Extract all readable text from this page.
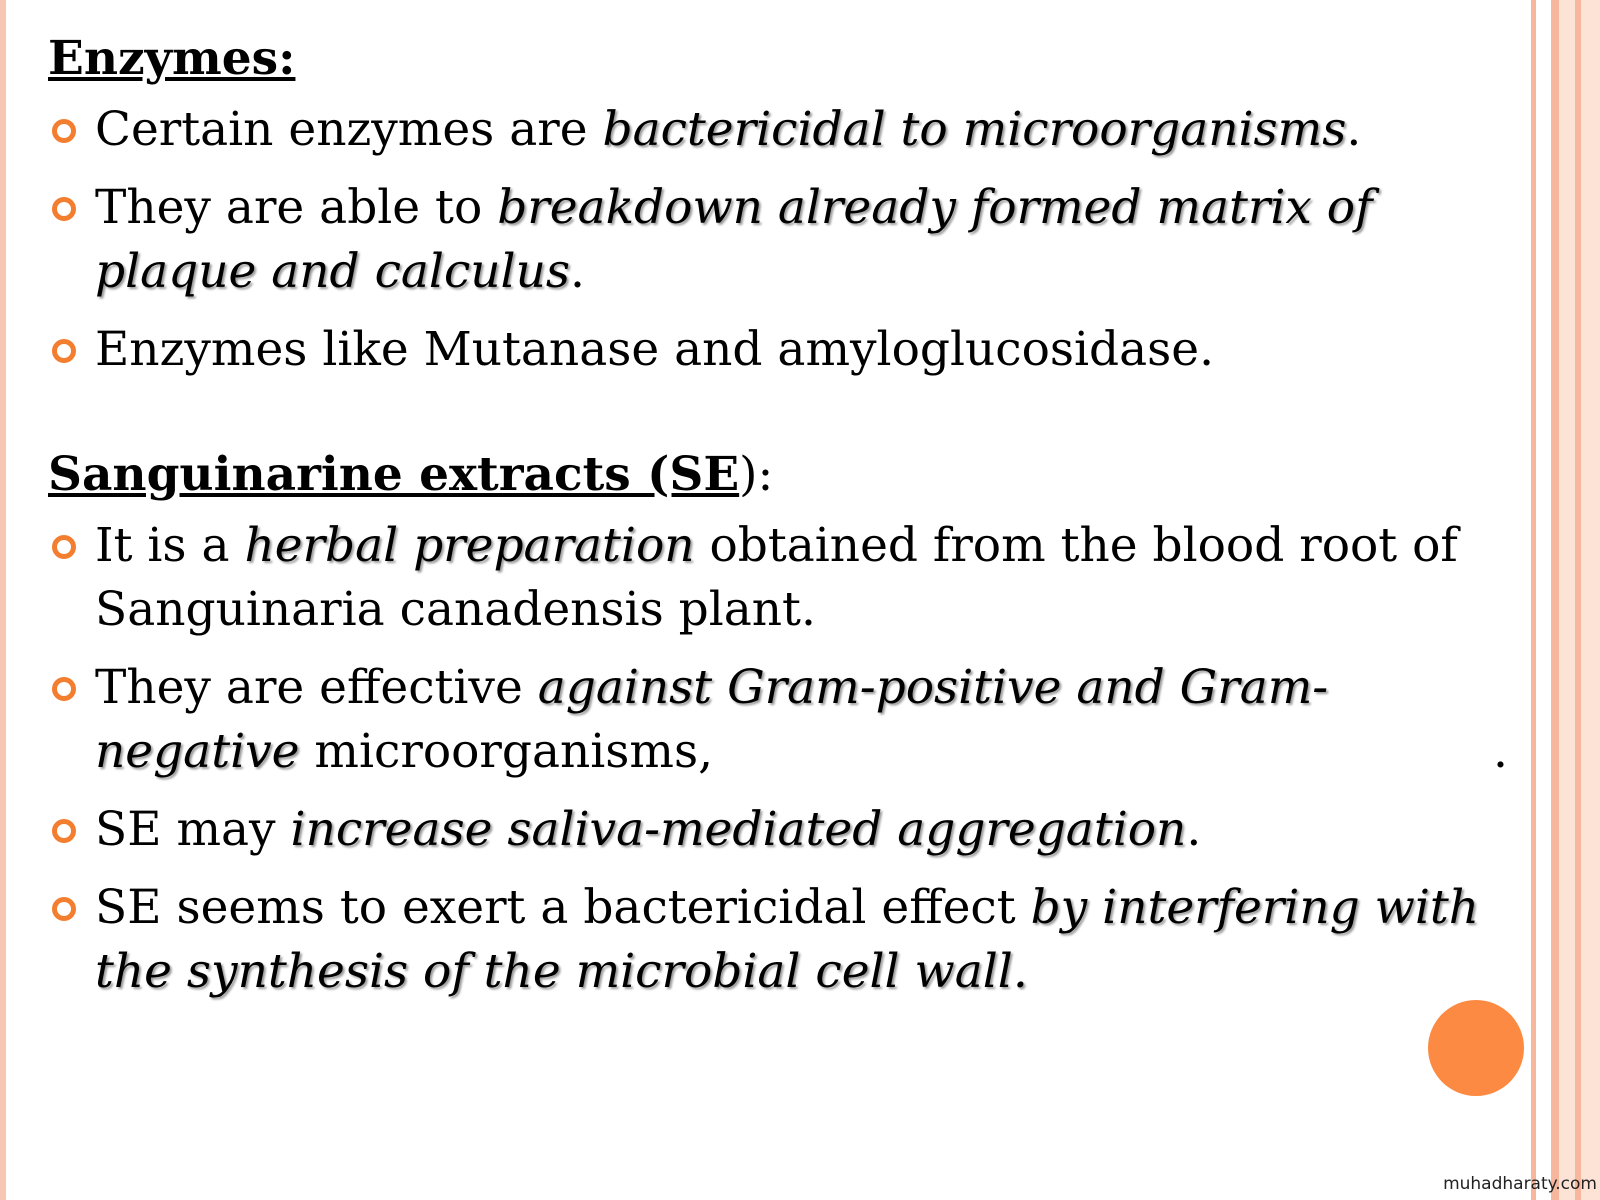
Enzymes:
Certain enzymes are bactericidal to microorganisms.
They are able to breakdown already formed matrix of plaque and calculus.
Enzymes like Mutanase and amyloglucosidase.
Sanguinarine extracts (SE):
It is a herbal preparation obtained from the blood root of Sanguinaria canadensis plant.
They are effective against Gram-positive and Gram-negative microorganisms,	.
SE may increase saliva-mediated aggregation.
SE seems to exert a bactericidal effect by interfering with the synthesis of the microbial cell wall.
muhadharaty.com
